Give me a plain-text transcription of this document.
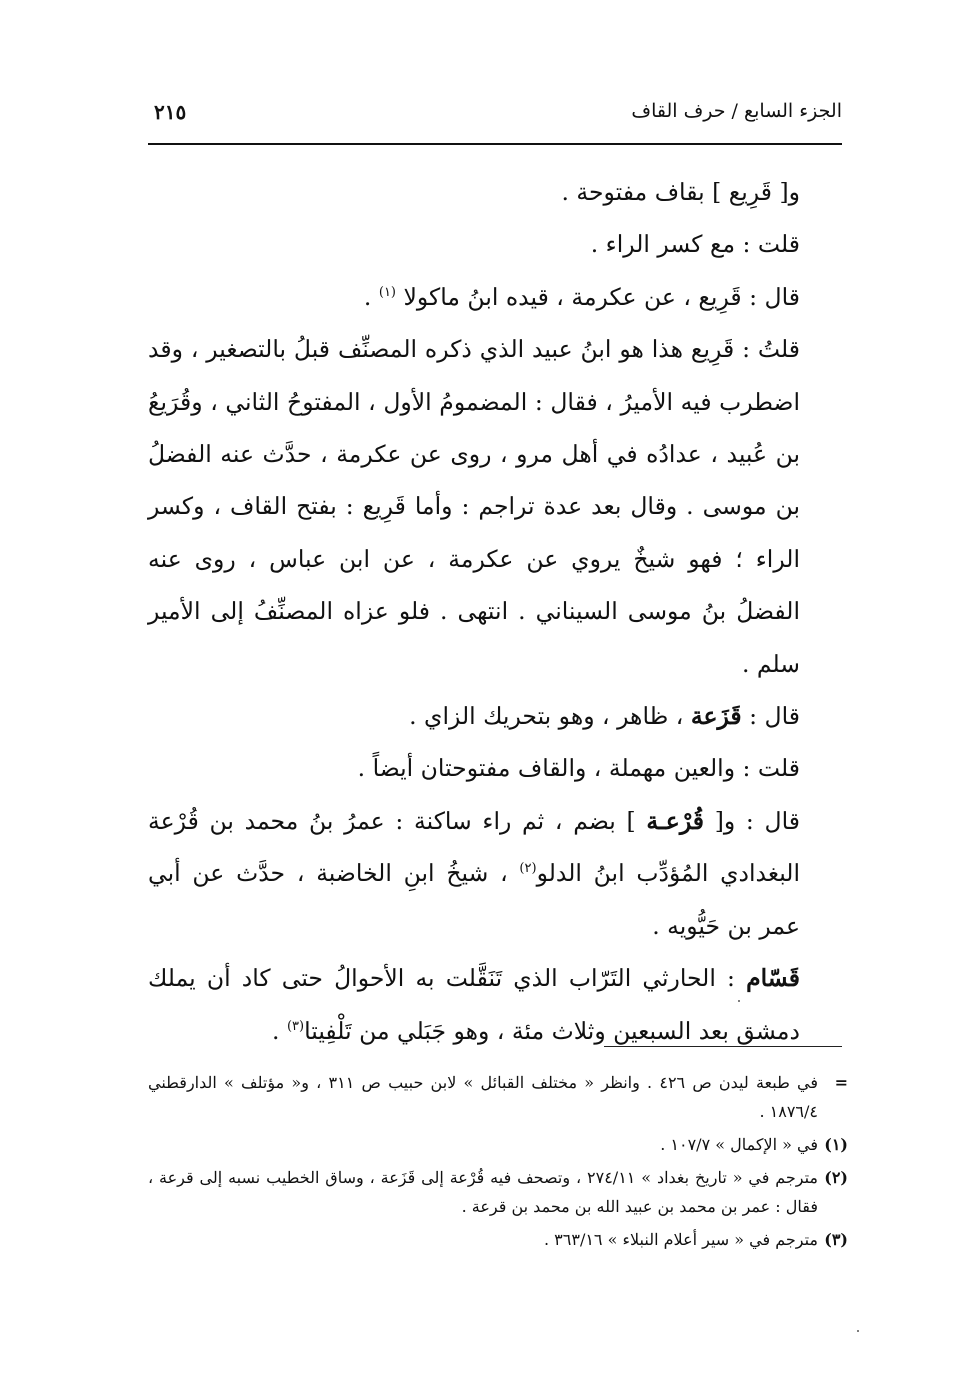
الجزء السابع / حرف القاف
٢١٥

و[ قَرِيع ] بقاف مفتوحة .

قلت : مع كسر الراء .

قال : قَرِيع ، عن عكرمة ، قيده ابنُ ماكولا $^{(١)}$ .

قلتُ : قَرِيع هذا هو ابنُ عبيد الذي ذكره المصنِّف قبلُ بالتصغير ، وقد اضطرب فيه الأميرُ ، فقال : المضمومُ الأول ، المفتوحُ الثاني ، وقُرَيعُ بن عُبيد ، عدادُه في أهل مرو ، روى عن عكرمة ، حدَّث عنه الفضلُ بن موسى . وقال بعد عدة تراجم : وأما قَرِيع : بفتح القاف ، وكسر الراء ؛ فهو شيخٌ يروي عن عكرمة ، عن ابن عباس ، روى عنه الفضلُ بنُ موسى السيناني . انتهى . فلو عزاه المصنِّفُ إلى الأمير سلم .

قال : قَزَعة ، ظاهر ، وهو بتحريك الزاي .

قلت : والعين مهملة ، والقاف مفتوحتان أيضاً .

قال : و[ قُرْعـة ] بضم ، ثم راء ساكنة : عمرُ بنُ محمد بن قُرْعة البغدادي المُؤدِّب ابنُ الدلو$^{(٢)}$ ، شيخُ ابنِ الخاضبة ، حدَّث عن أبي عمر بن حَيُّويه .

قَسّام : الحارثي التَرّاب الذي تَنَقَّلت به الأحوالُ حتى كاد أن يملك دمشق بعد السبعين وثلاث مئة ، وهو جَبَلي من تَلْفِيتا$^{(٣)}$ .

=
في طبعة ليدن ص ٤٢٦ . وانظر « مختلف القبائل » لابن حبيب ص ٣١١ ، و« مؤتلف » الدارقطني ١٨٧٦/٤ .

(١)
في « الإكمال » ١٠٧/٧ .

(٢)
مترجم في « تاريخ بغداد » ٢٧٤/١١ ، وتصحف فيه قُرْعة إلى قَزَعة ، وساق الخطيب نسبه إلى قرعة ، فقال : عمر بن محمد بن عبيد الله بن محمد بن قرعة .

(٣)
مترجم في « سير أعلام النبلاء » ٣٦٣/١٦ .
